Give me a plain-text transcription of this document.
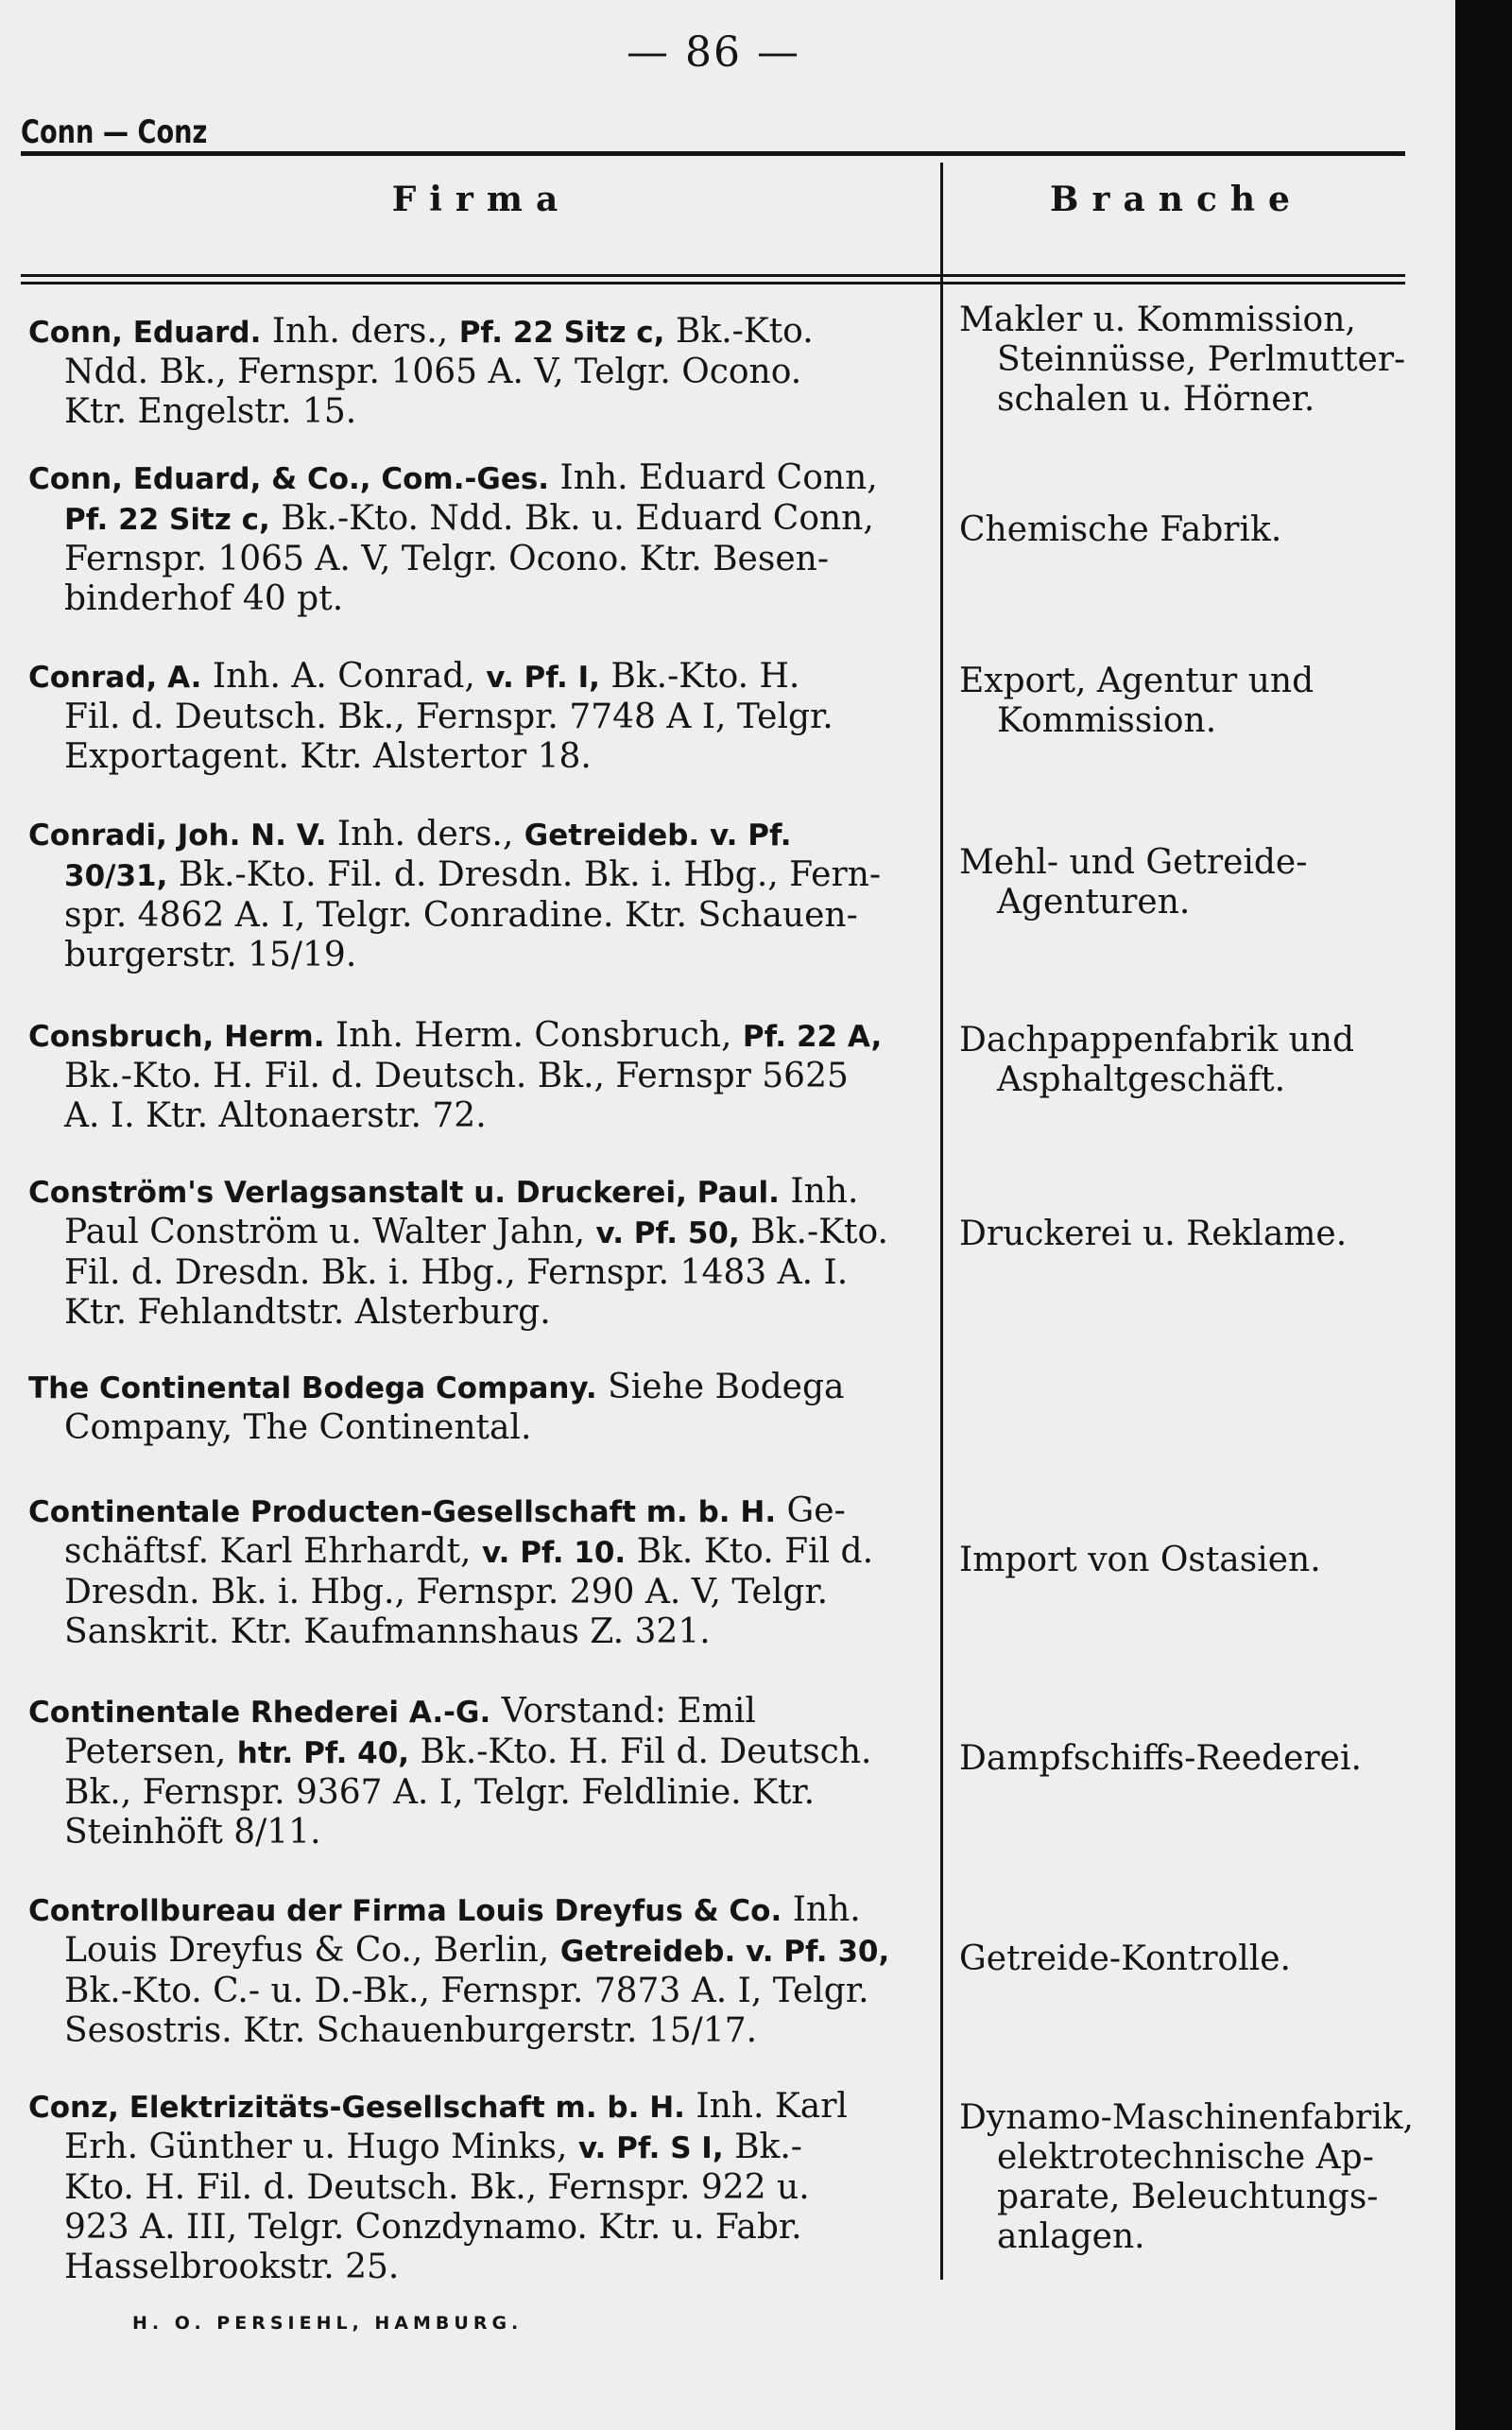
— 86 —
Conn — Conz
Firma	Branche
Conn, Eduard. Inh. ders., Pf. 22 Sitz c, Bk.-Kto.
Ndd. Bk., Fernspr. 1065 A. V, Telgr. Ocono.
Ktr. Engelstr. 15.
Makler u. Kommission,
Steinnüsse, Perlmutter-
schalen u. Hörner.
Conn, Eduard, & Co., Com.-Ges. Inh. Eduard Conn,
Pf. 22 Sitz c, Bk.-Kto. Ndd. Bk. u. Eduard Conn,
Fernspr. 1065 A. V, Telgr. Ocono. Ktr. Besen-
binderhof 40 pt.
Chemische Fabrik.
Conrad, A. Inh. A. Conrad, v. Pf. I, Bk.-Kto. H.
Fil. d. Deutsch. Bk., Fernspr. 7748 A I, Telgr.
Exportagent. Ktr. Alstertor 18.
Export, Agentur und
Kommission.
Conradi, Joh. N. V. Inh. ders., Getreideb. v. Pf.
30/31, Bk.-Kto. Fil. d. Dresdn. Bk. i. Hbg., Fern-
spr. 4862 A. I, Telgr. Conradine. Ktr. Schauen-
burgerstr. 15/19.
Mehl- und Getreide-
Agenturen.
Consbruch, Herm. Inh. Herm. Consbruch, Pf. 22 A,
Bk.-Kto. H. Fil. d. Deutsch. Bk., Fernspr 5625
A. I. Ktr. Altonaerstr. 72.
Dachpappenfabrik und
Asphaltgeschäft.
Conström's Verlagsanstalt u. Druckerei, Paul. Inh.
Paul Conström u. Walter Jahn, v. Pf. 50, Bk.-Kto.
Fil. d. Dresdn. Bk. i. Hbg., Fernspr. 1483 A. I.
Ktr. Fehlandtstr. Alsterburg.
Druckerei u. Reklame.
The Continental Bodega Company. Siehe Bodega
Company, The Continental.
Continentale Producten-Gesellschaft m. b. H. Ge-
schäftsf. Karl Ehrhardt, v. Pf. 10. Bk. Kto. Fil d.
Dresdn. Bk. i. Hbg., Fernspr. 290 A. V, Telgr.
Sanskrit. Ktr. Kaufmannshaus Z. 321.
Import von Ostasien.
Continentale Rhederei A.-G. Vorstand: Emil
Petersen, htr. Pf. 40, Bk.-Kto. H. Fil d. Deutsch.
Bk., Fernspr. 9367 A. I, Telgr. Feldlinie. Ktr.
Steinhöft 8/11.
Dampfschiffs-Reederei.
Controllbureau der Firma Louis Dreyfus & Co. Inh.
Louis Dreyfus & Co., Berlin, Getreideb. v. Pf. 30,
Bk.-Kto. C.- u. D.-Bk., Fernspr. 7873 A. I, Telgr.
Sesostris. Ktr. Schauenburgerstr. 15/17.
Getreide-Kontrolle.
Conz, Elektrizitäts-Gesellschaft m. b. H. Inh. Karl
Erh. Günther u. Hugo Minks, v. Pf. S I, Bk.-
Kto. H. Fil. d. Deutsch. Bk., Fernspr. 922 u.
923 A. III, Telgr. Conzdynamo. Ktr. u. Fabr.
Hasselbrookstr. 25.
Dynamo-Maschinenfabrik,
elektrotechnische Ap-
parate, Beleuchtungs-
anlagen.
H. O. PERSIEHL, HAMBURG.
